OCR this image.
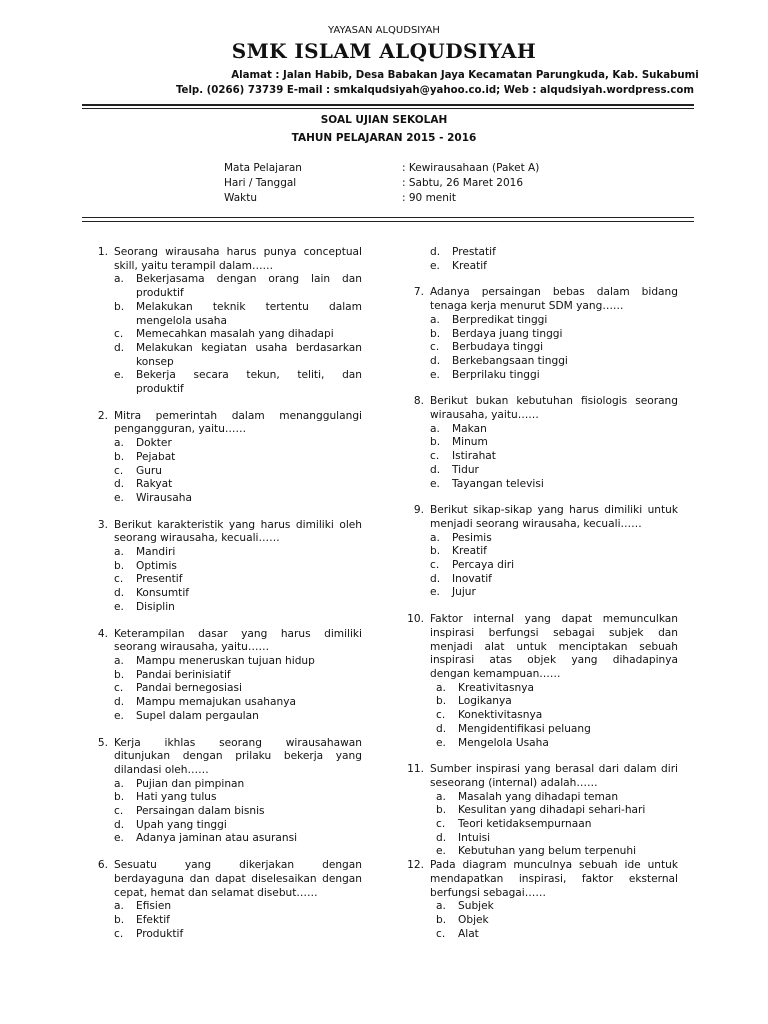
YAYASAN ALQUDSIYAH
SMK ISLAM ALQUDSIYAH
Alamat : Jalan Habib, Desa Babakan Jaya Kecamatan Parungkuda, Kab. Sukabumi
Telp. (0266) 73739 E-mail : smkalqudsiyah@yahoo.co.id; Web : alqudsiyah.wordpress.com
SOAL UJIAN SEKOLAH
TAHUN PELAJARAN 2015 - 2016
Mata Pelajaran	: Kewirausahaan (Paket A)
Hari / Tanggal	: Sabtu, 26 Maret 2016
Waktu	: 90 menit
1. Seorang wirausaha harus punya conceptual
skill, yaitu terampil dalam……
a. Bekerjasama dengan orang lain dan
produktif
b. Melakukan teknik tertentu dalam
mengelola usaha
c. Memecahkan masalah yang dihadapi
d. Melakukan kegiatan usaha berdasarkan
konsep
e. Bekerja secara tekun, teliti, dan
produktif
2. Mitra pemerintah dalam menanggulangi
pengangguran, yaitu……
a. Dokter
b. Pejabat
c. Guru
d. Rakyat
e. Wirausaha
3. Berikut karakteristik yang harus dimiliki oleh
seorang wirausaha, kecuali……
a. Mandiri
b. Optimis
c. Presentif
d. Konsumtif
e. Disiplin
4. Keterampilan dasar yang harus dimiliki
seorang wirausaha, yaitu……
a. Mampu meneruskan tujuan hidup
b. Pandai berinisiatif
c. Pandai bernegosiasi
d. Mampu memajukan usahanya
e. Supel dalam pergaulan
5. Kerja ikhlas seorang wirausahawan
ditunjukan dengan prilaku bekerja yang
dilandasi oleh……
a. Pujian dan pimpinan
b. Hati yang tulus
c. Persaingan dalam bisnis
d. Upah yang tinggi
e. Adanya jaminan atau asuransi
6. Sesuatu yang dikerjakan dengan
berdayaguna dan dapat diselesaikan dengan
cepat, hemat dan selamat disebut……
a. Efisien
b. Efektif
c. Produktif
d. Prestatif
e. Kreatif
7. Adanya persaingan bebas dalam bidang
tenaga kerja menurut SDM yang……
a. Berpredikat tinggi
b. Berdaya juang tinggi
c. Berbudaya tinggi
d. Berkebangsaan tinggi
e. Berprilaku tinggi
8. Berikut bukan kebutuhan fisiologis seorang
wirausaha, yaitu……
a. Makan
b. Minum
c. Istirahat
d. Tidur
e. Tayangan televisi
9. Berikut sikap-sikap yang harus dimiliki untuk
menjadi seorang wirausaha, kecuali……
a. Pesimis
b. Kreatif
c. Percaya diri
d. Inovatif
e. Jujur
10. Faktor internal yang dapat memunculkan
inspirasi berfungsi sebagai subjek dan
menjadi alat untuk menciptakan sebuah
inspirasi atas objek yang dihadapinya
dengan kemampuan……
a. Kreativitasnya
b. Logikanya
c. Konektivitasnya
d. Mengidentifikasi peluang
e. Mengelola Usaha
11. Sumber inspirasi yang berasal dari dalam diri
seseorang (internal) adalah……
a. Masalah yang dihadapi teman
b. Kesulitan yang dihadapi sehari-hari
c. Teori ketidaksempurnaan
d. Intuisi
e. Kebutuhan yang belum terpenuhi
12. Pada diagram munculnya sebuah ide untuk
mendapatkan inspirasi, faktor eksternal
berfungsi sebagai……
a. Subjek
b. Objek
c. Alat
